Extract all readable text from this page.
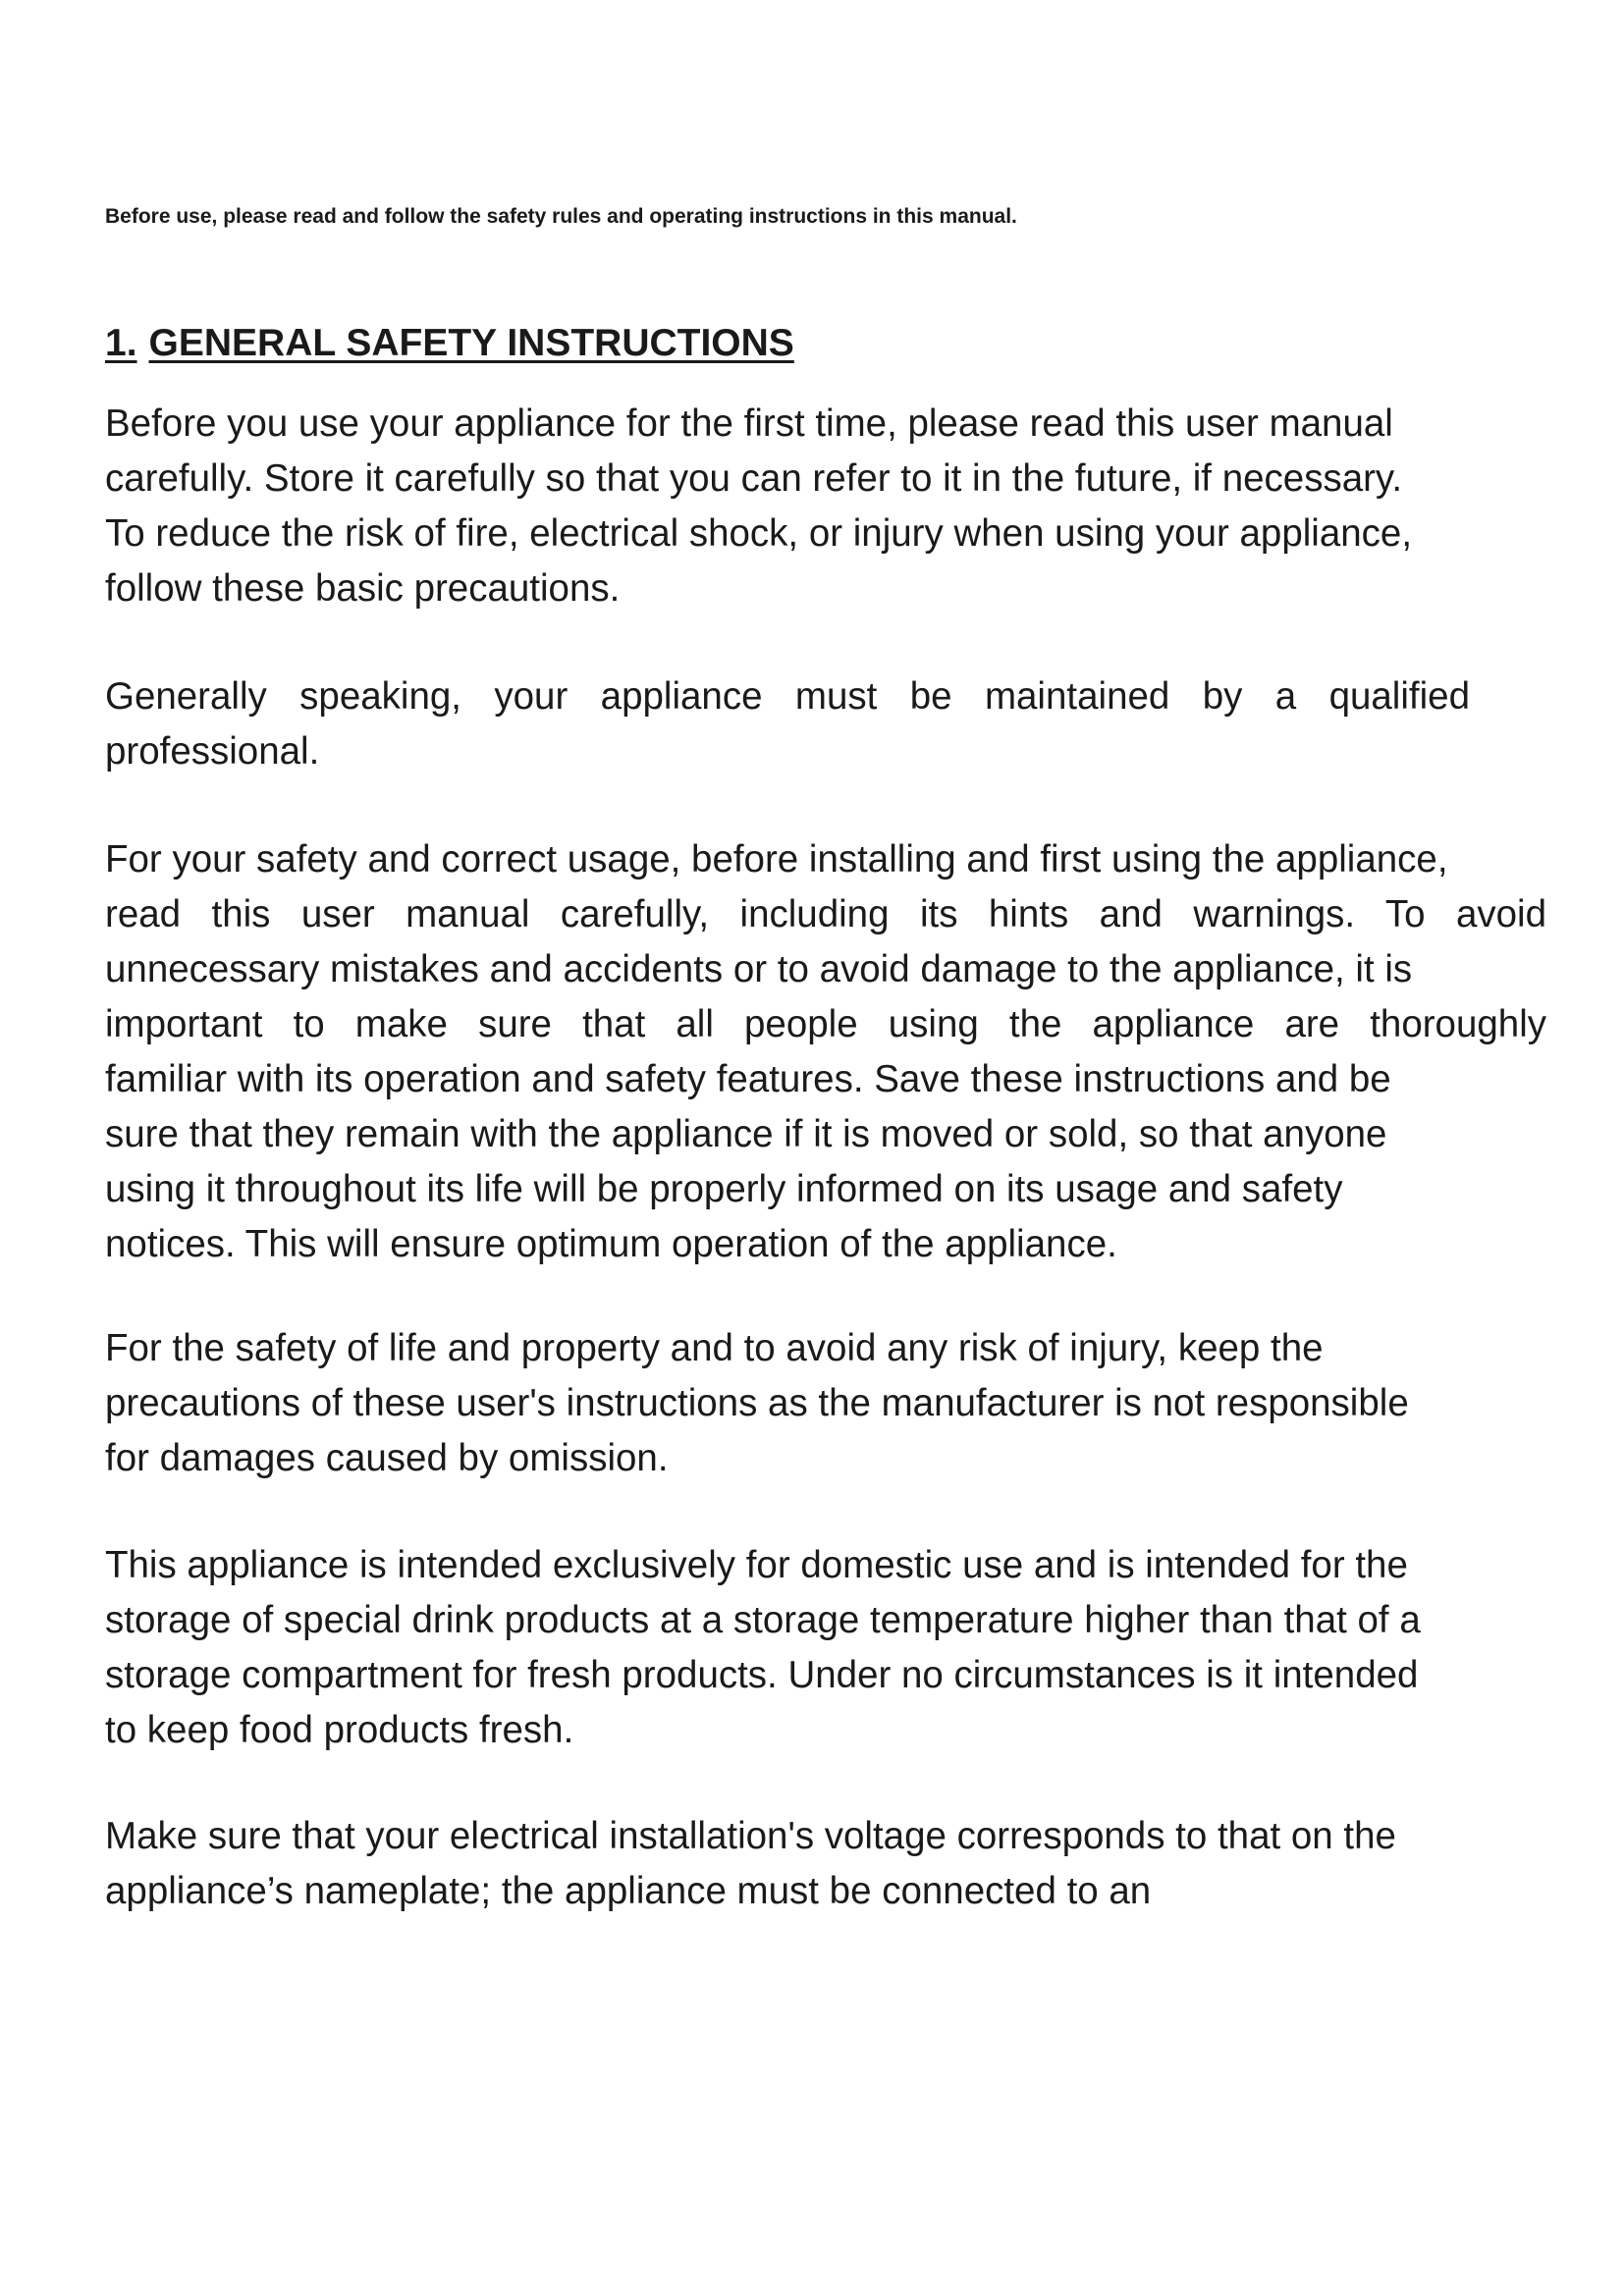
Before use, please read and follow the safety rules and operating instructions in this manual.

1. GENERAL SAFETY INSTRUCTIONS
Before you use your appliance for the first time, please read this user manual
carefully. Store it carefully so that you can refer to it in the future, if necessary.
To reduce the risk of fire, electrical shock, or injury when using your appliance,
follow these basic precautions.
Generally speaking, your appliance must be maintained by a qualified
professional.
For your safety and correct usage, before installing and first using the appliance,
read this user manual carefully, including its hints and warnings. To avoid
unnecessary mistakes and accidents or to avoid damage to the appliance, it is
important to make sure that all people using the appliance are thoroughly
familiar with its operation and safety features. Save these instructions and be
sure that they remain with the appliance if it is moved or sold, so that anyone
using it throughout its life will be properly informed on its usage and safety
notices. This will ensure optimum operation of the appliance.
For the safety of life and property and to avoid any risk of injury, keep the
precautions of these user's instructions as the manufacturer is not responsible
for damages caused by omission.
This appliance is intended exclusively for domestic use and is intended for the
storage of special drink products at a storage temperature higher than that of a
storage compartment for fresh products. Under no circumstances is it intended
to keep food products fresh.
Make sure that your electrical installation's voltage corresponds to that on the
appliance’s nameplate; the appliance must be connected to an
